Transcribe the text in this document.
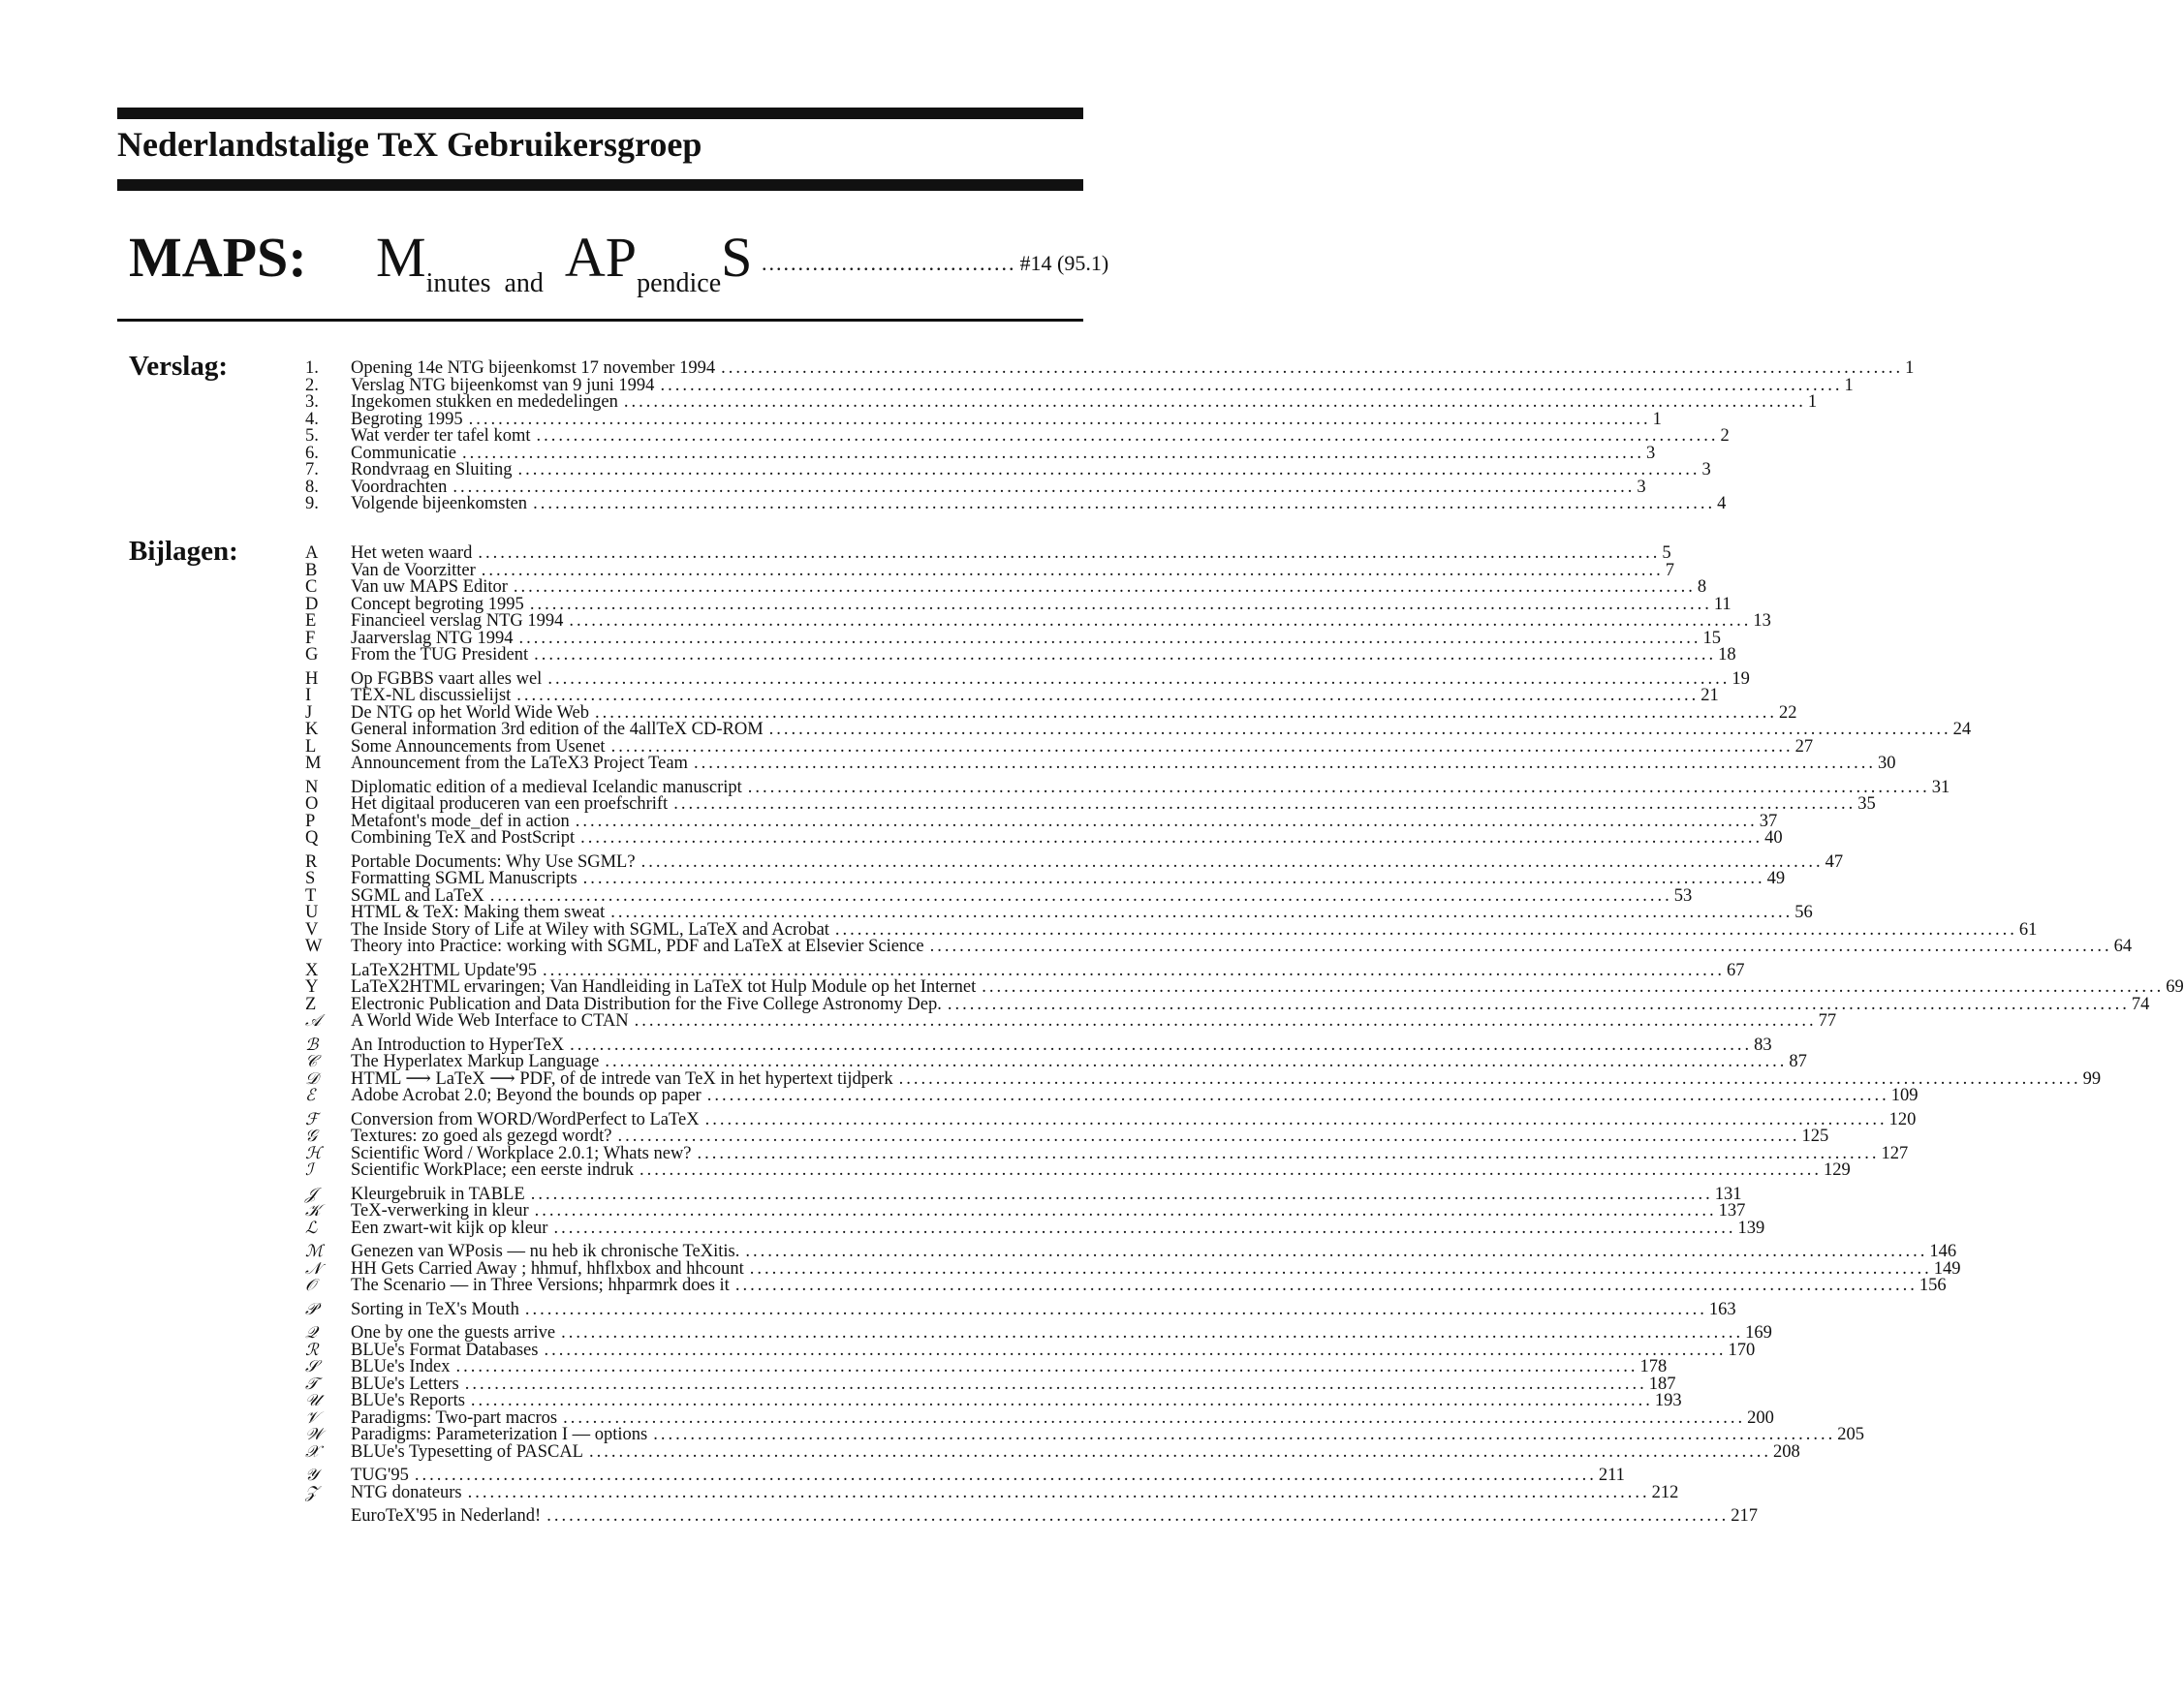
Nederlandstalige TeX Gebruikersgroep
MAPS: $M_{inutes}$ $_{and}$ $AP_{pendice}S$ ................................... #14 (95.1)
Verslag:	1.	Opening 14e NTG bijeenkomst 17 november 1994 ................................................................................................................................................................ 1
2.	Verslag NTG bijeenkomst van 9 juni 1994 ................................................................................................................................................................ 1
3.	Ingekomen stukken en mededelingen ................................................................................................................................................................ 1
4.	Begroting 1995 ................................................................................................................................................................ 1
5.	Wat verder ter tafel komt ................................................................................................................................................................ 2
6.	Communicatie ................................................................................................................................................................ 3
7.	Rondvraag en Sluiting ................................................................................................................................................................ 3
8.	Voordrachten ................................................................................................................................................................ 3
9.	Volgende bijeenkomsten ................................................................................................................................................................ 4
Bijlagen:	A	Het weten waard ................................................................................................................................................................ 5
B	Van de Voorzitter ................................................................................................................................................................ 7
C	Van uw MAPS Editor ................................................................................................................................................................ 8
D	Concept begroting 1995 ................................................................................................................................................................ 11
E	Financieel verslag NTG 1994 ................................................................................................................................................................ 13
F	Jaarverslag NTG 1994 ................................................................................................................................................................ 15
G	From the TUG President ................................................................................................................................................................ 18
H	Op FGBBS vaart alles wel ................................................................................................................................................................ 19
I	TEX-NL discussielijst ................................................................................................................................................................ 21
J	De NTG op het World Wide Web ................................................................................................................................................................ 22
K	General information 3rd edition of the 4allTeX CD-ROM ................................................................................................................................................................ 24
L	Some Announcements from Usenet ................................................................................................................................................................ 27
M	Announcement from the LaTeX3 Project Team ................................................................................................................................................................ 30
N	Diplomatic edition of a medieval Icelandic manuscript ................................................................................................................................................................ 31
O	Het digitaal produceren van een proefschrift ................................................................................................................................................................ 35
P	Metafont's mode_def in action ................................................................................................................................................................ 37
Q	Combining TeX and PostScript ................................................................................................................................................................ 40
R	Portable Documents: Why Use SGML? ................................................................................................................................................................ 47
S	Formatting SGML Manuscripts ................................................................................................................................................................ 49
T	SGML and LaTeX ................................................................................................................................................................ 53
U	HTML & TeX: Making them sweat ................................................................................................................................................................ 56
V	The Inside Story of Life at Wiley with SGML, LaTeX and Acrobat ................................................................................................................................................................ 61
W	Theory into Practice: working with SGML, PDF and LaTeX at Elsevier Science ................................................................................................................................................................ 64
X	LaTeX2HTML Update'95 ................................................................................................................................................................ 67
Y	LaTeX2HTML ervaringen; Van Handleiding in LaTeX tot Hulp Module op het Internet ................................................................................................................................................................ 69
Z	Electronic Publication and Data Distribution for the Five College Astronomy Dep. ................................................................................................................................................................ 74
𝒜	A World Wide Web Interface to CTAN ................................................................................................................................................................ 77
ℬ	An Introduction to HyperTeX ................................................................................................................................................................ 83
𝒞	The Hyperlatex Markup Language ................................................................................................................................................................ 87
𝒟	HTML ⟶ LaTeX ⟶ PDF, of de intrede van TeX in het hypertext tijdperk ................................................................................................................................................................ 99
ℰ	Adobe Acrobat 2.0; Beyond the bounds op paper ................................................................................................................................................................ 109
ℱ	Conversion from WORD/WordPerfect to LaTeX ................................................................................................................................................................ 120
𝒢	Textures: zo goed als gezegd wordt? ................................................................................................................................................................ 125
ℋ	Scientific Word / Workplace 2.0.1; Whats new? ................................................................................................................................................................ 127
ℐ	Scientific WorkPlace; een eerste indruk ................................................................................................................................................................ 129
𝒥	Kleurgebruik in TABLE ................................................................................................................................................................ 131
𝒦	TeX-verwerking in kleur ................................................................................................................................................................ 137
ℒ	Een zwart-wit kijk op kleur ................................................................................................................................................................ 139
ℳ	Genezen van WPosis — nu heb ik chronische TeXitis. ................................................................................................................................................................ 146
𝒩	HH Gets Carried Away ; hhmuf, hhflxbox and hhcount ................................................................................................................................................................ 149
𝒪	The Scenario — in Three Versions; hhparmrk does it ................................................................................................................................................................ 156
𝒫	Sorting in TeX's Mouth ................................................................................................................................................................ 163
𝒬	One by one the guests arrive ................................................................................................................................................................ 169
ℛ	BLUe's Format Databases ................................................................................................................................................................ 170
𝒮	BLUe's Index ................................................................................................................................................................ 178
𝒯	BLUe's Letters ................................................................................................................................................................ 187
𝒰	BLUe's Reports ................................................................................................................................................................ 193
𝒱	Paradigms: Two-part macros ................................................................................................................................................................ 200
𝒲	Paradigms: Parameterization I — options ................................................................................................................................................................ 205
𝒳	BLUe's Typesetting of PASCAL ................................................................................................................................................................ 208
𝒴	TUG'95 ................................................................................................................................................................ 211
𝒵	NTG donateurs ................................................................................................................................................................ 212
EuroTeX'95 in Nederland! ................................................................................................................................................................ 217
